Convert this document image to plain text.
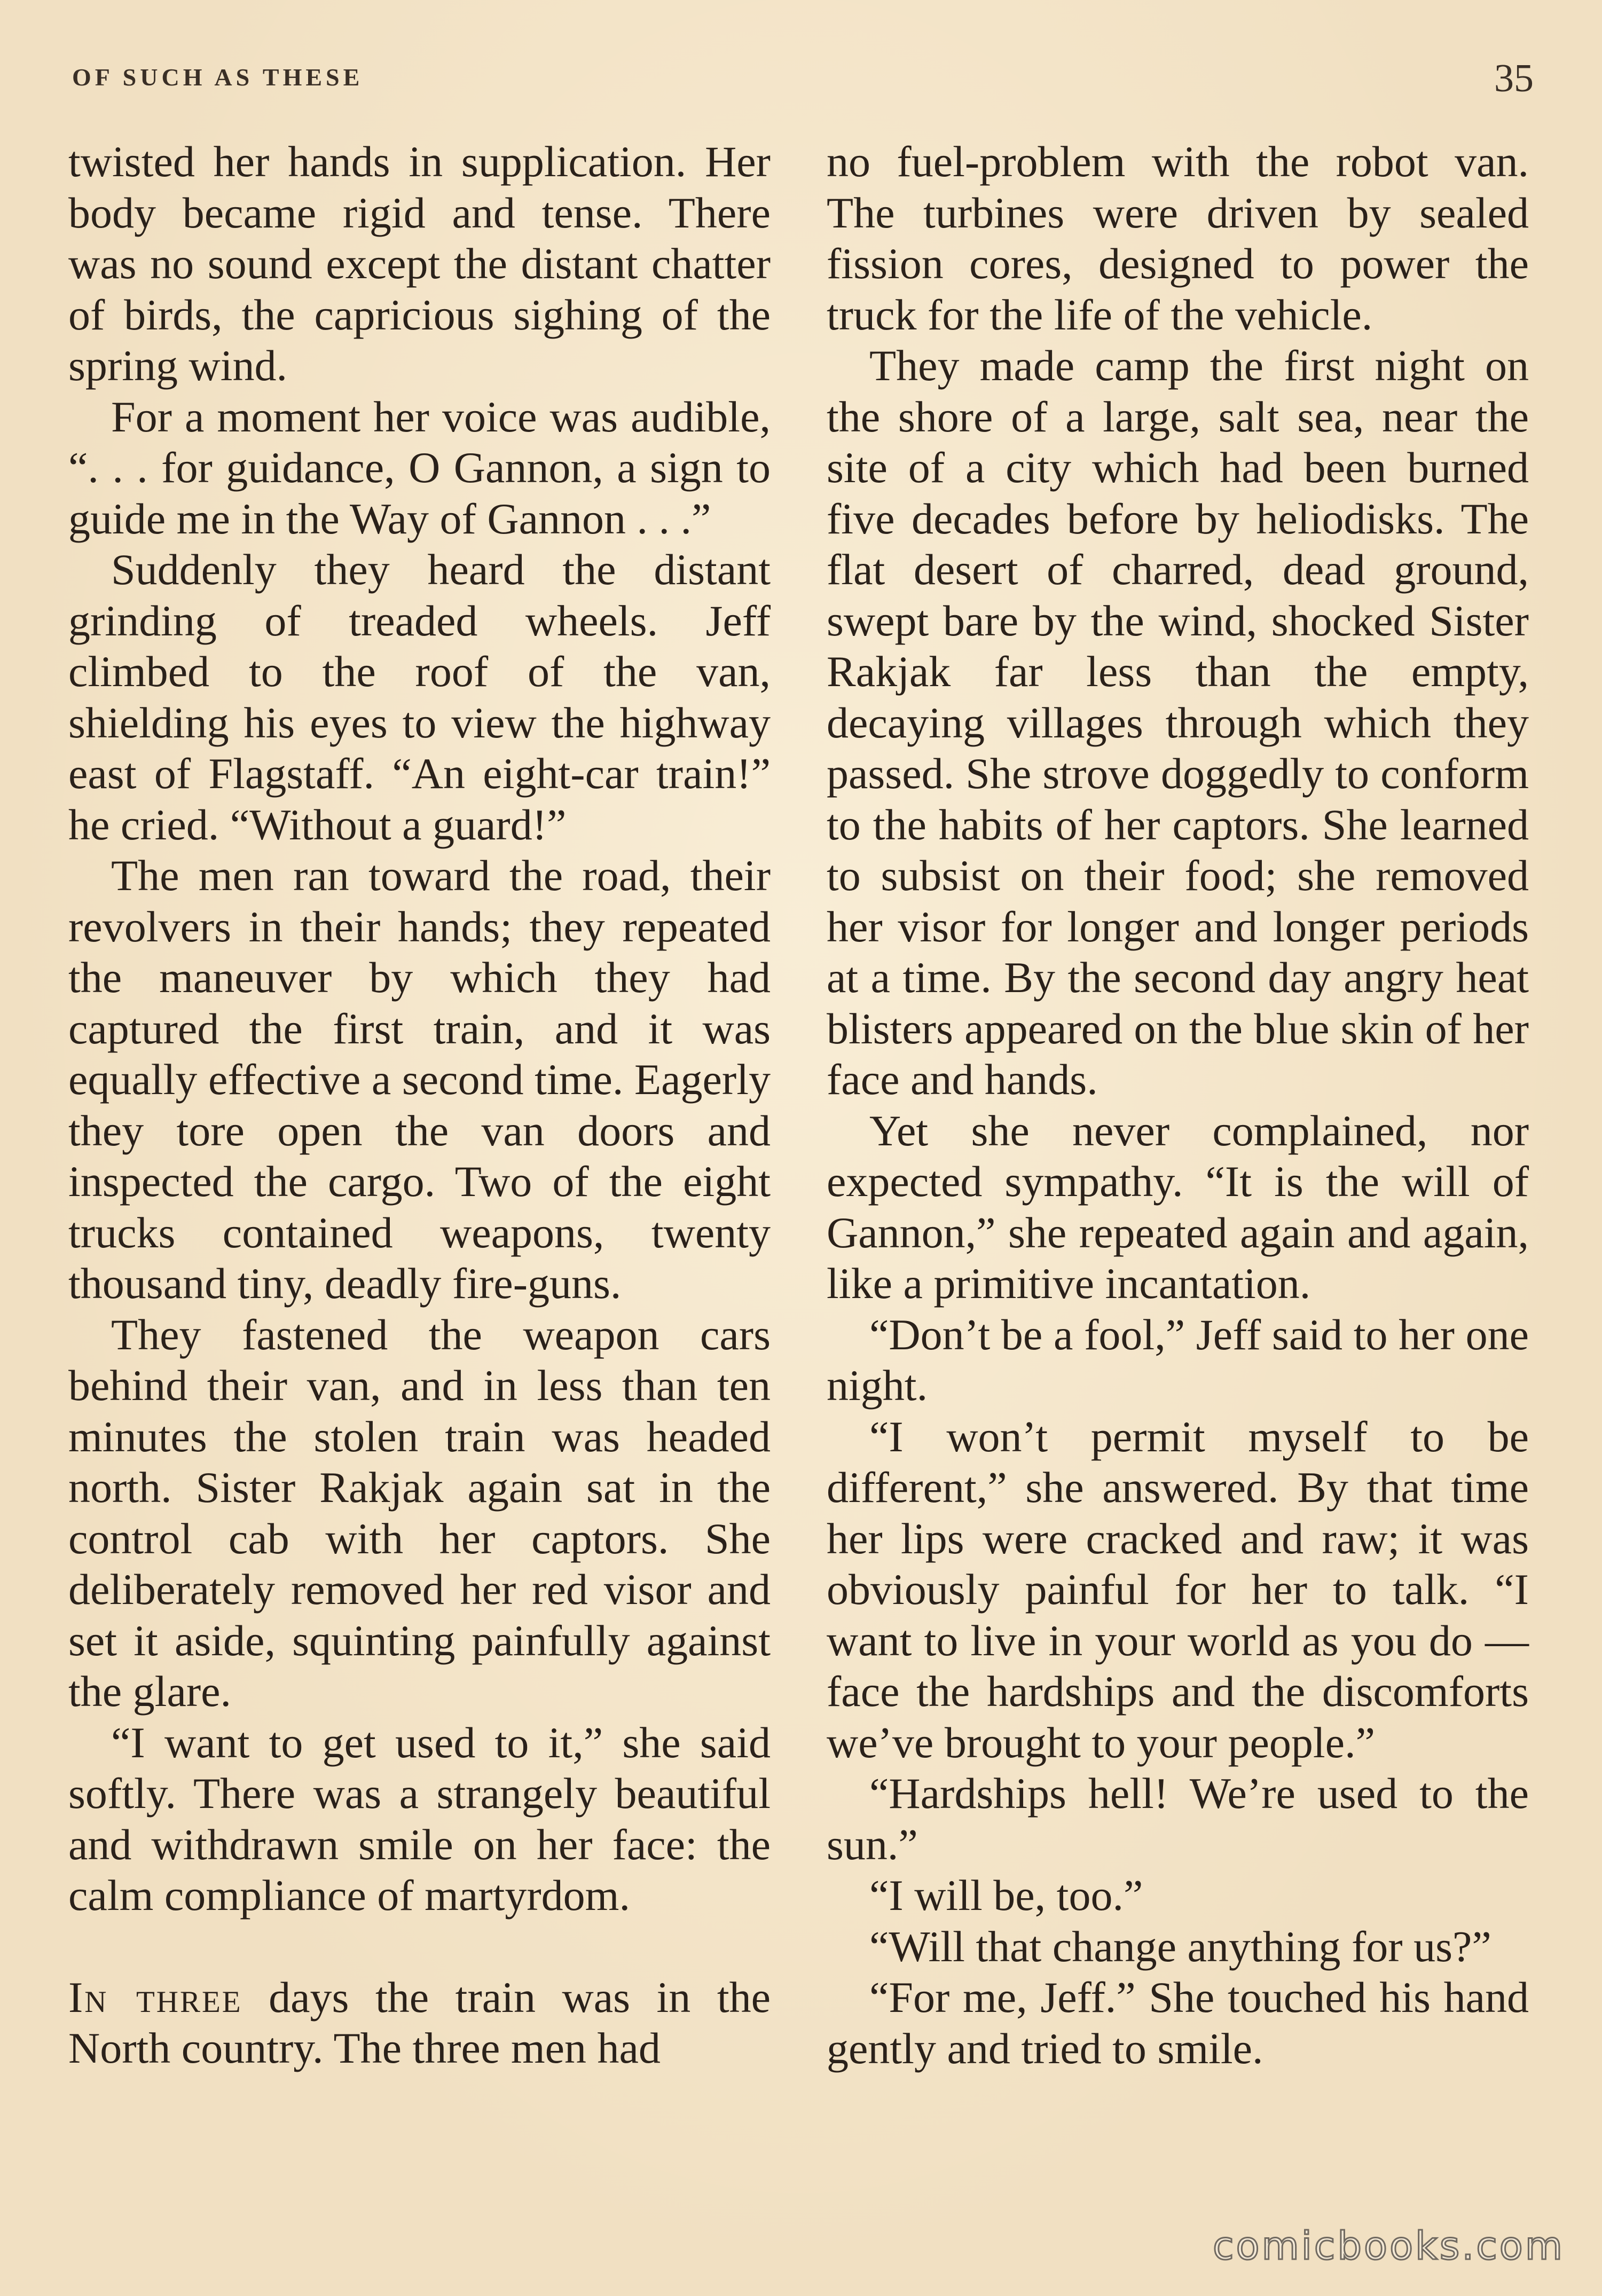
OF SUCH AS THESE	35

twisted her hands in supplication. Her body became rigid and tense. There was no sound except the distant chatter of birds, the capricious sighing of the spring wind.

For a moment her voice was audible, “. . . for guidance, O Gannon, a sign to guide me in the Way of Gannon . . .”

Suddenly they heard the distant grinding of treaded wheels. Jeff climbed to the roof of the van, shielding his eyes to view the highway east of Flagstaff. “An eight-car train!” he cried. “Without a guard!”

The men ran toward the road, their revolvers in their hands; they repeated the maneuver by which they had captured the first train, and it was equally effective a second time. Eagerly they tore open the van doors and inspected the cargo. Two of the eight trucks contained weapons, twenty thousand tiny, deadly fire-guns.

They fastened the weapon cars behind their van, and in less than ten minutes the stolen train was headed north. Sister Rakjak again sat in the control cab with her captors. She deliberately removed her red visor and set it aside, squinting painfully against the glare.

“I want to get used to it,” she said softly. There was a strangely beautiful and withdrawn smile on her face: the calm compliance of martyrdom.

In three days the train was in the North country. The three men had

no fuel-problem with the robot van. The turbines were driven by sealed fission cores, designed to power the truck for the life of the vehicle.

They made camp the first night on the shore of a large, salt sea, near the site of a city which had been burned five decades before by heliodisks. The flat desert of charred, dead ground, swept bare by the wind, shocked Sister Rakjak far less than the empty, decaying villages through which they passed. She strove doggedly to conform to the habits of her captors. She learned to subsist on their food; she removed her visor for longer and longer periods at a time. By the second day angry heat blisters appeared on the blue skin of her face and hands.

Yet she never complained, nor expected sympathy. “It is the will of Gannon,” she repeated again and again, like a primitive incantation.

“Don’t be a fool,” Jeff said to her one night.

“I won’t permit myself to be different,” she answered. By that time her lips were cracked and raw; it was obviously painful for her to talk. “I want to live in your world as you do — face the hardships and the discomforts we’ve brought to your people.”

“Hardships hell! We’re used to the sun.”

“I will be, too.”

“Will that change anything for us?”

“For me, Jeff.” She touched his hand gently and tried to smile.

comicbooks.com
